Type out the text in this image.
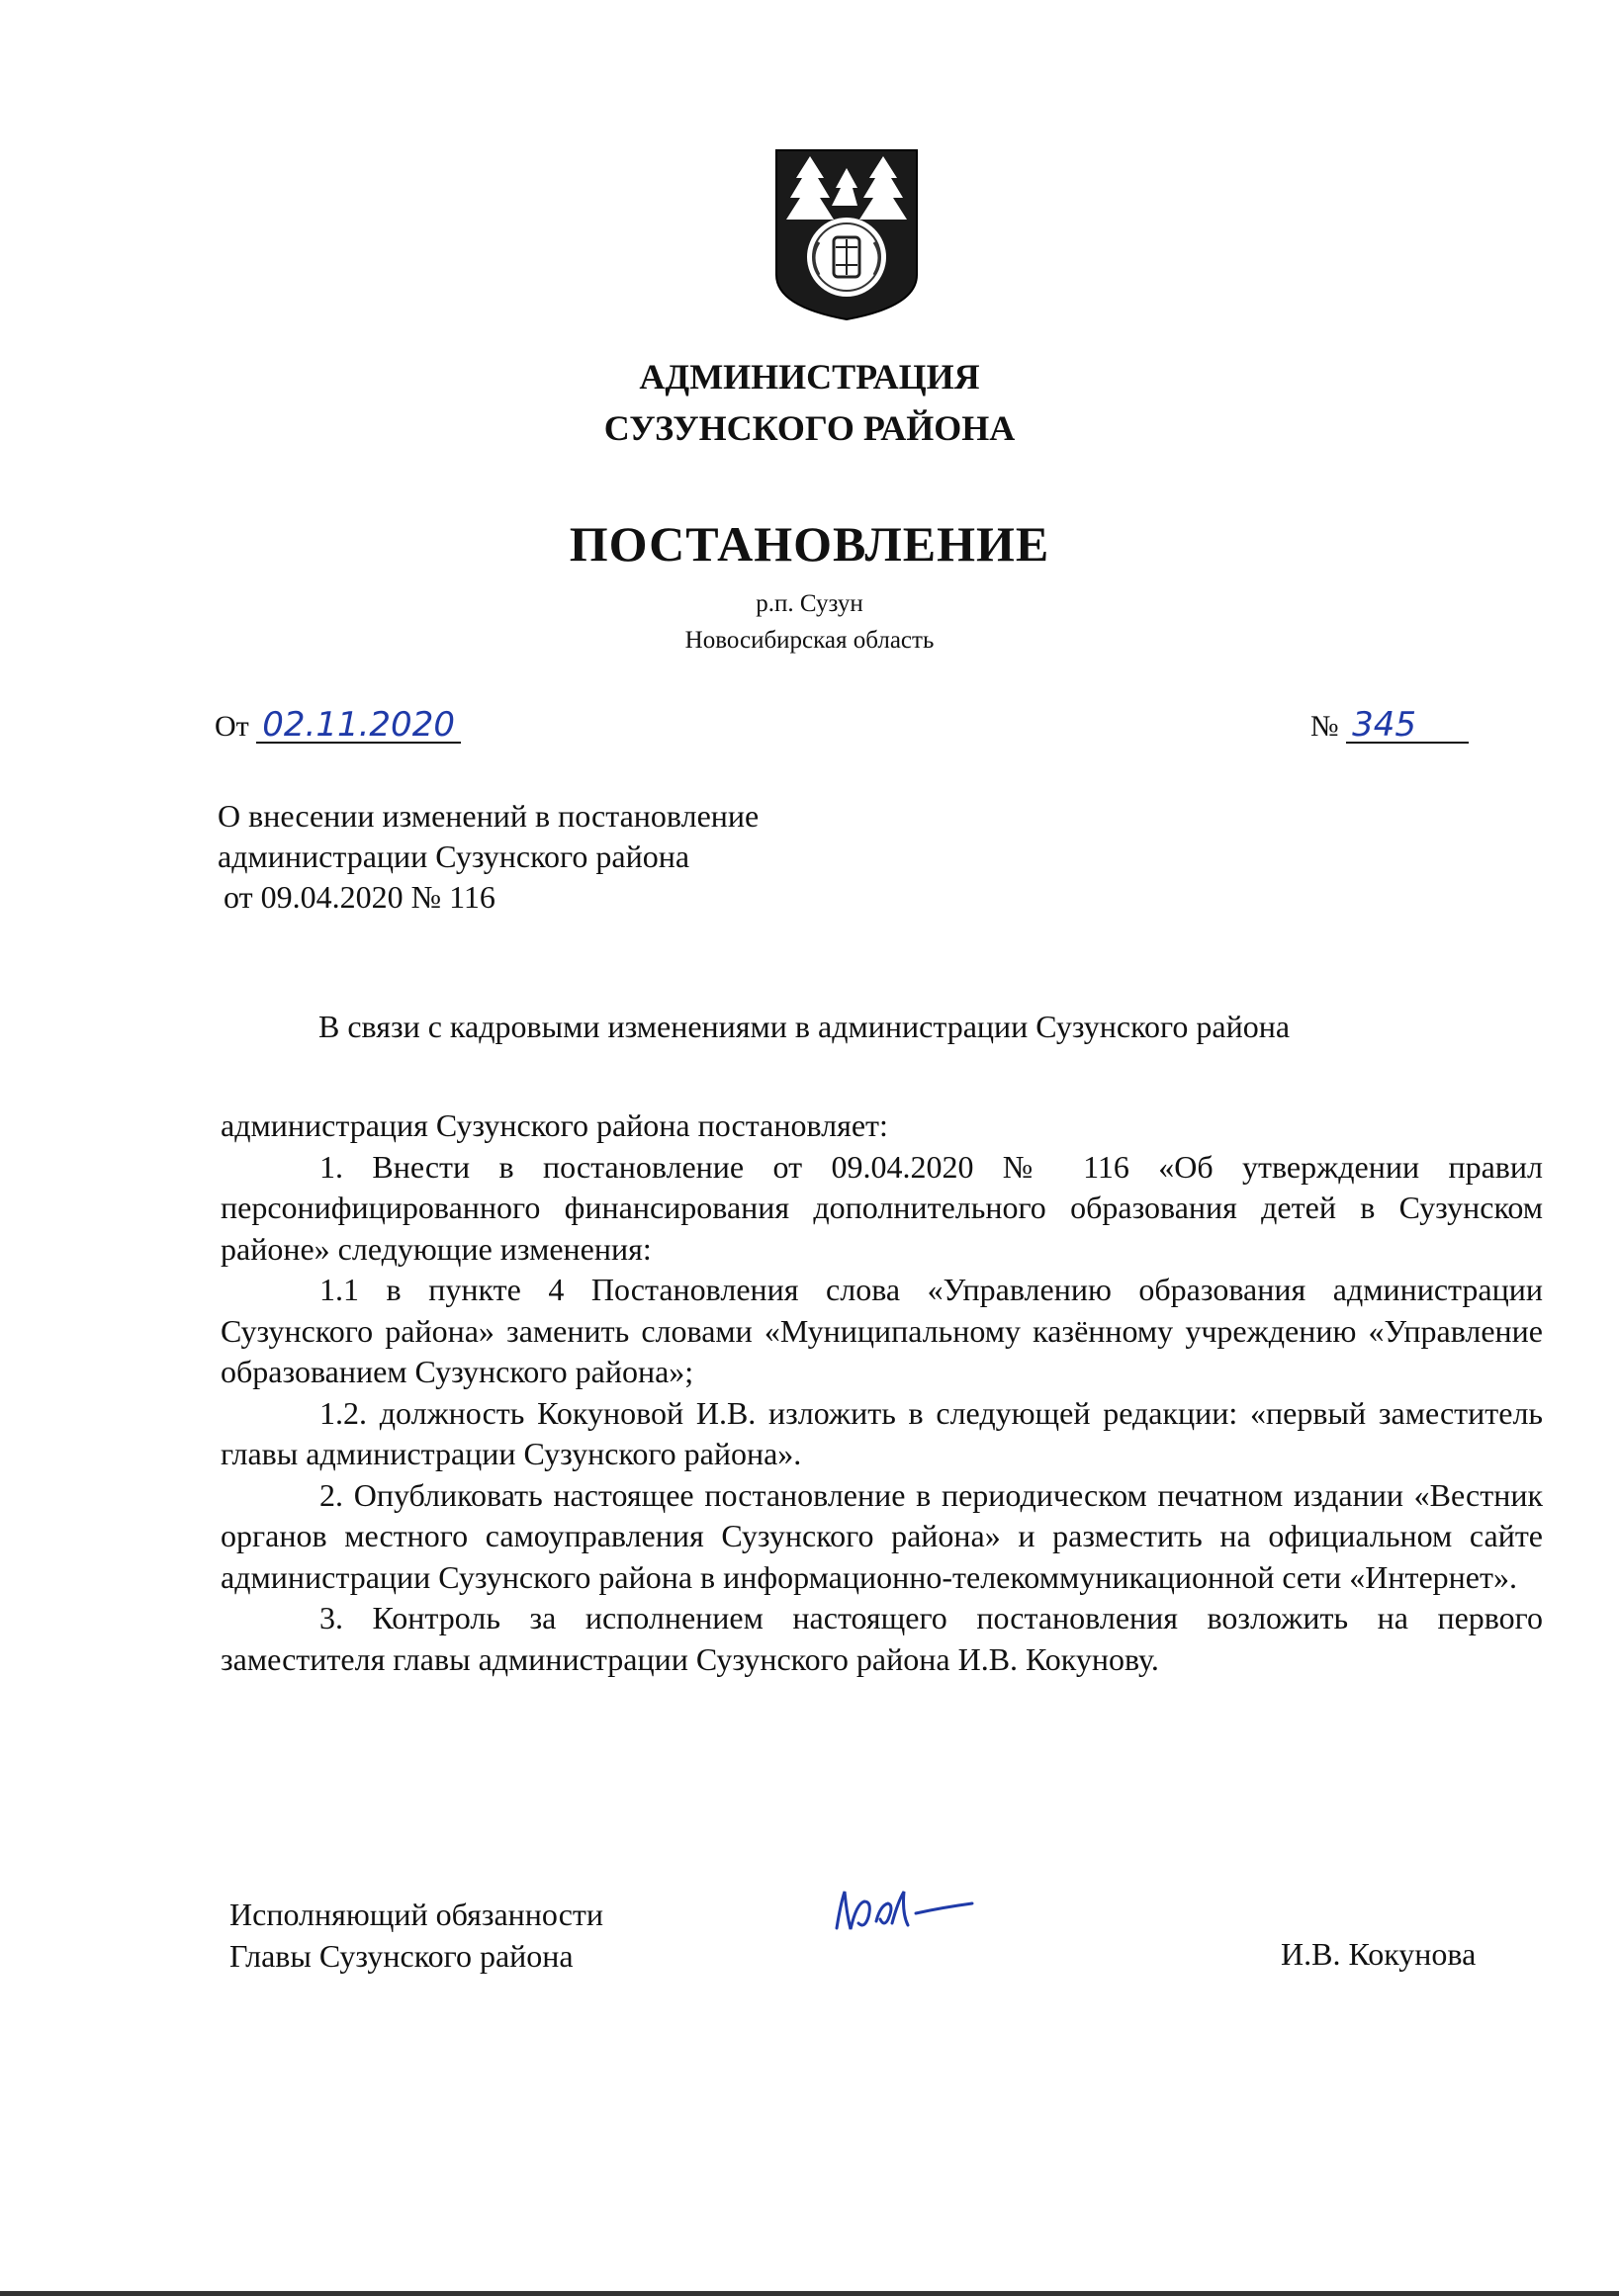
АДМИНИСТРАЦИЯ
СУЗУНСКОГО РАЙОНА
ПОСТАНОВЛЕНИЕ
р.п. Сузун
Новосибирская область
От 02.11.2020	№ 345
О внесении изменений в постановление
администрации Сузунского района
от 09.04.2020 № 116
В связи с кадровыми изменениями в администрации Сузунского района

администрация Сузунского района постановляет:

1. Внести в постановление от 09.04.2020 № 116 «Об утверждении правил персонифицированного финансирования дополнительного образования детей в Сузунском районе» следующие изменения:

1.1 в пункте 4 Постановления слова «Управлению образования администрации Сузунского района» заменить словами «Муниципальному казённому учреждению «Управление образованием Сузунского района»;

1.2. должность Кокуновой И.В. изложить в следующей редакции: «первый заместитель главы администрации Сузунского района».

2. Опубликовать настоящее постановление в периодическом печатном издании «Вестник органов местного самоуправления Сузунского района» и разместить на официальном сайте администрации Сузунского района в информационно-телекоммуникационной сети «Интернет».

3. Контроль за исполнением настоящего постановления возложить на первого заместителя главы администрации Сузунского района И.В. Кокунову.

Исполняющий обязанности
Главы Сузунского района	И.В. Кокунова
